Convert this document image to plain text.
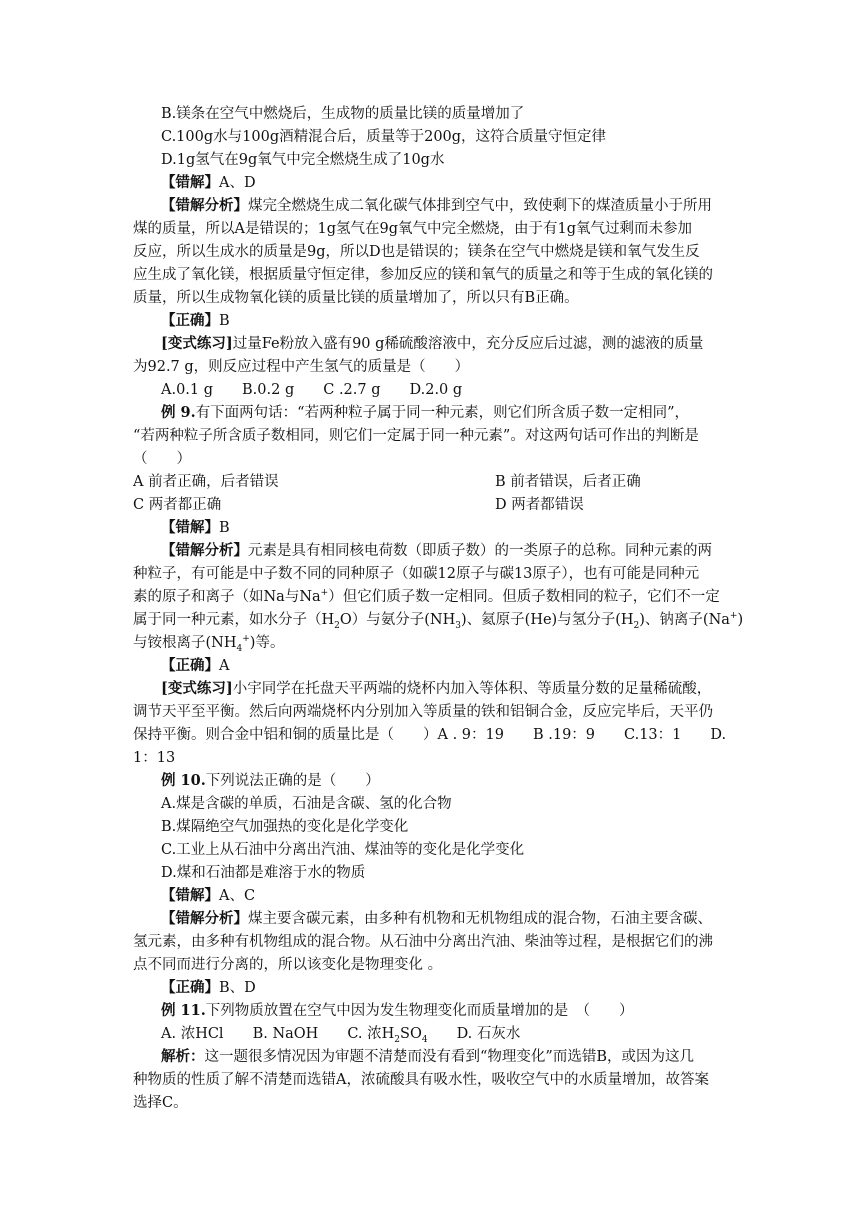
B.镁条在空气中燃烧后，生成物的质量比镁的质量增加了
C.100g水与100g酒精混合后，质量等于200g，这符合质量守恒定律
D.1g氢气在9g氧气中完全燃烧生成了10g水
【错解】A、D
【错解分析】煤完全燃烧生成二氧化碳气体排到空气中，致使剩下的煤渣质量小于所用
煤的质量，所以A是错误的；1g氢气在9g氧气中完全燃烧，由于有1g氧气过剩而未参加
反应，所以生成水的质量是9g，所以D也是错误的；镁条在空气中燃烧是镁和氧气发生反
应生成了氧化镁，根据质量守恒定律，参加反应的镁和氧气的质量之和等于生成的氧化镁的
质量，所以生成物氧化镁的质量比镁的质量增加了，所以只有B正确。
【正确】B
[变式练习]过量Fe粉放入盛有90 g稀硫酸溶液中，充分反应后过滤，测的滤液的质量
为92.7 g，则反应过程中产生氢气的质量是（　　）
A.0.1 g　　B.0.2 g　　C .2.7 g　　D.2.0 g
例 9.有下面两句话：“若两种粒子属于同一种元素，则它们所含质子数一定相同”，
“若两种粒子所含质子数相同，则它们一定属于同一种元素”。对这两句话可作出的判断是
（　　）
A 前者正确，后者错误	B 前者错误，后者正确
C 两者都正确	D 两者都错误
【错解】B
【错解分析】元素是具有相同核电荷数（即质子数）的一类原子的总称。同种元素的两
种粒子，有可能是中子数不同的同种原子（如碳12原子与碳13原子），也有可能是同种元
素的原子和离子（如Na与Na+）但它们质子数一定相同。但质子数相同的粒子，它们不一定
属于同一种元素，如水分子$(H_2O)$与氨分子$(NH_3)$、氦原子(He)与氢分子$(H_2)$、钠离子(Na+)
与铵根离子$(NH_4^+)$等。
【正确】A
[变式练习]小宇同学在托盘天平两端的烧杯内加入等体积、等质量分数的足量稀硫酸，
调节天平至平衡。然后向两端烧杯内分别加入等质量的铁和铝铜合金，反应完毕后，天平仍
保持平衡。则合金中铝和铜的质量比是（　　）A . 9：19　　B .19：9　　C.13：1　　D.
1：13
例 10.下列说法正确的是（　　）
A.煤是含碳的单质，石油是含碳、氢的化合物
B.煤隔绝空气加强热的变化是化学变化
C.工业上从石油中分离出汽油、煤油等的变化是化学变化
D.煤和石油都是难溶于水的物质
【错解】A、C
【错解分析】煤主要含碳元素，由多种有机物和无机物组成的混合物，石油主要含碳、
氢元素，由多种有机物组成的混合物。从石油中分离出汽油、柴油等过程，是根据它们的沸
点不同而进行分离的，所以该变化是物理变化 。
【正确】B、D
例 11.下列物质放置在空气中因为发生物理变化而质量增加的是　（　　）
A. 浓HCl　　 B. NaOH　　 C. 浓$H_2SO_4$　　 D. 石灰水
解析：这一题很多情况因为审题不清楚而没有看到“物理变化”而选错B，或因为这几
种物质的性质了解不清楚而选错A，浓硫酸具有吸水性，吸收空气中的水质量增加，故答案
选择C。
